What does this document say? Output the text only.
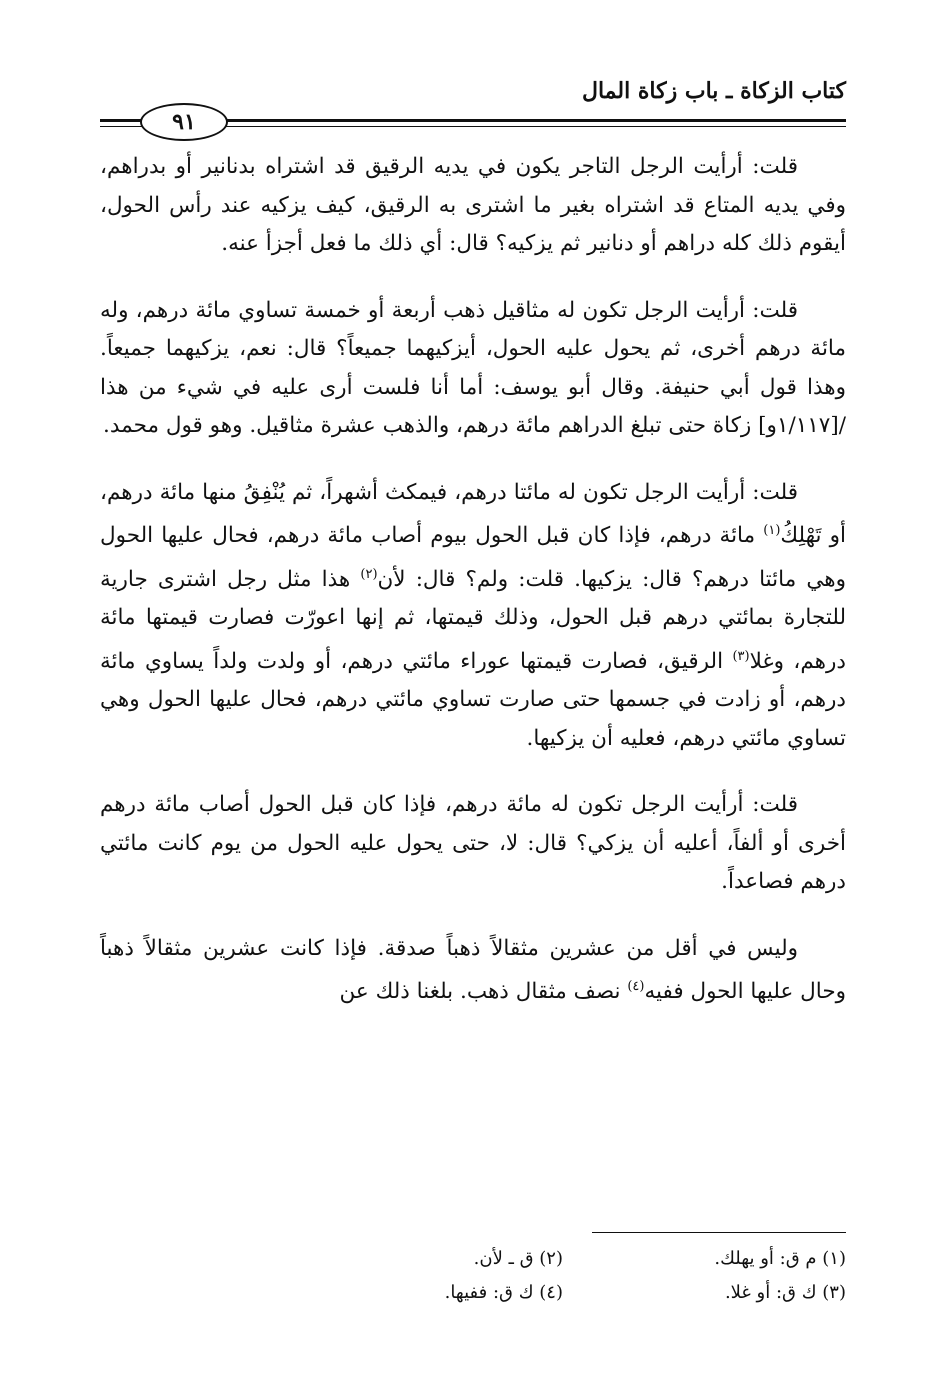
كتاب الزكاة ـ باب زكاة المال
٩١

قلت: أرأيت الرجل التاجر يكون في يديه الرقيق قد اشتراه بدنانير أو بدراهم، وفي يديه المتاع قد اشتراه بغير ما اشترى به الرقيق، كيف يزكيه عند رأس الحول، أيقوم ذلك كله دراهم أو دنانير ثم يزكيه؟ قال: أي ذلك ما فعل أجزأ عنه.

قلت: أرأيت الرجل تكون له مثاقيل ذهب أربعة أو خمسة تساوي مائة درهم، وله مائة درهم أخرى، ثم يحول عليه الحول، أيزكيهما جميعاً؟ قال: نعم، يزكيهما جميعاً. وهذا قول أبي حنيفة. وقال أبو يوسف: أما أنا فلست أرى عليه في شيء من هذا /[١/١١٧و] زكاة حتى تبلغ الدراهم مائة درهم، والذهب عشرة مثاقيل. وهو قول محمد.

قلت: أرأيت الرجل تكون له مائتا درهم، فيمكث أشهراً، ثم يُنْفِقُ منها مائة درهم، أو تَهْلِكُ$^{(١)}$ مائة درهم، فإذا كان قبل الحول بيوم أصاب مائة درهم، فحال عليها الحول وهي مائتا درهم؟ قال: يزكيها. قلت: ولم؟ قال: لأن$^{(٢)}$ هذا مثل رجل اشترى جارية للتجارة بمائتي درهم قبل الحول، وذلك قيمتها، ثم إنها اعورّت فصارت قيمتها مائة درهم، وغلا$^{(٣)}$ الرقيق، فصارت قيمتها عوراء مائتي درهم، أو ولدت ولداً يساوي مائة درهم، أو زادت في جسمها حتى صارت تساوي مائتي درهم، فحال عليها الحول وهي تساوي مائتي درهم، فعليه أن يزكيها.

قلت: أرأيت الرجل تكون له مائة درهم، فإذا كان قبل الحول أصاب مائة درهم أخرى أو ألفاً، أعليه أن يزكي؟ قال: لا، حتى يحول عليه الحول من يوم كانت مائتي درهم فصاعداً.

وليس في أقل من عشرين مثقالاً ذهباً صدقة. فإذا كانت عشرين مثقالاً ذهباً وحال عليها الحول ففيه$^{(٤)}$ نصف مثقال ذهب. بلغنا ذلك عن

(١) م ق: أو يهلك.
(٢) ق ـ لأن.
(٣) ك ق: أو غلا.
(٤) ك ق: ففيها.
